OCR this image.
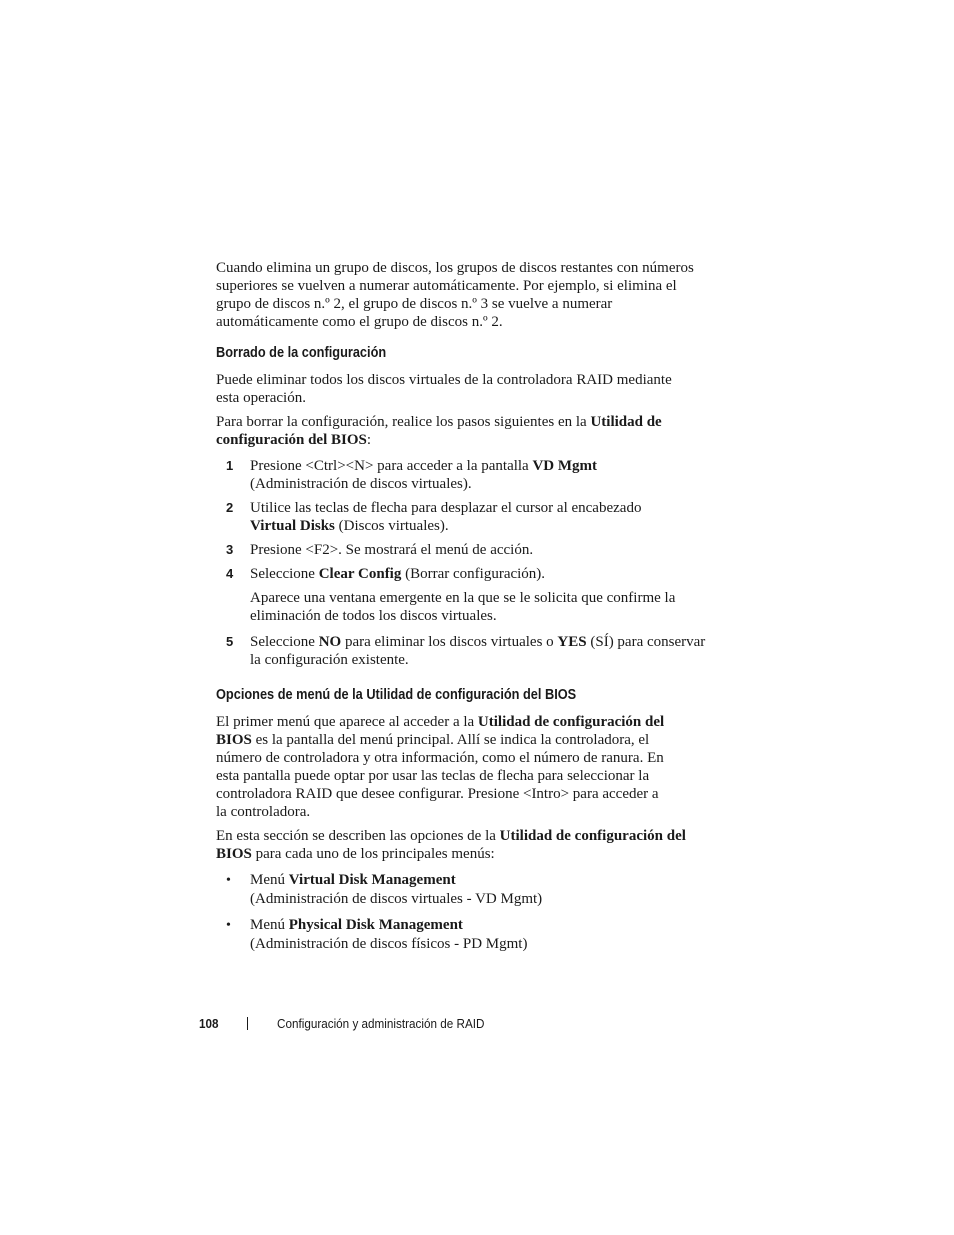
Cuando elimina un grupo de discos, los grupos de discos restantes con números
superiores se vuelven a numerar automáticamente. Por ejemplo, si elimina el
grupo de discos n.º 2, el grupo de discos n.º 3 se vuelve a numerar
automáticamente como el grupo de discos n.º 2.

Borrado de la configuración

Puede eliminar todos los discos virtuales de la controladora RAID mediante
esta operación.

Para borrar la configuración, realice los pasos siguientes en la Utilidad de
configuración del BIOS:

1 Presione <Ctrl><N> para acceder a la pantalla VD Mgmt
(Administración de discos virtuales).
2 Utilice las teclas de flecha para desplazar el cursor al encabezado
Virtual Disks (Discos virtuales).
3 Presione <F2>. Se mostrará el menú de acción.
4 Seleccione Clear Config (Borrar configuración).

Aparece una ventana emergente en la que se le solicita que confirme la
eliminación de todos los discos virtuales.

5 Seleccione NO para eliminar los discos virtuales o YES (SÍ) para conservar
la configuración existente.
Opciones de menú de la Utilidad de configuración del BIOS

El primer menú que aparece al acceder a la Utilidad de configuración del
BIOS es la pantalla del menú principal. Allí se indica la controladora, el
número de controladora y otra información, como el número de ranura. En
esta pantalla puede optar por usar las teclas de flecha para seleccionar la
controladora RAID que desee configurar. Presione <Intro> para acceder a
la controladora.

En esta sección se describen las opciones de la Utilidad de configuración del
BIOS para cada uno de los principales menús:

• Menú Virtual Disk Management
(Administración de discos virtuales - VD Mgmt)
• Menú Physical Disk Management
(Administración de discos físicos - PD Mgmt)
108	Configuración y administración de RAID
